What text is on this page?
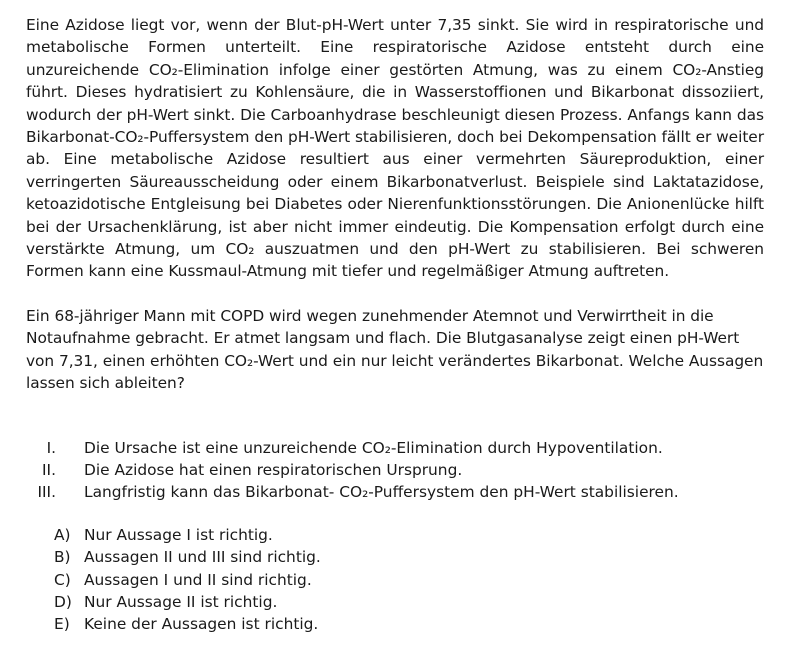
Eine Azidose liegt vor, wenn der Blut-pH-Wert unter 7,35 sinkt. Sie wird in respiratorische und metabolische Formen unterteilt. Eine respiratorische Azidose entsteht durch eine unzureichende CO₂-Elimination infolge einer gestörten Atmung, was zu einem CO₂-Anstieg führt. Dieses hydratisiert zu Kohlensäure, die in Wasserstoffionen und Bikarbonat dissoziiert, wodurch der pH-Wert sinkt. Die Carboanhydrase beschleunigt diesen Prozess. Anfangs kann das Bikarbonat-CO₂-Puffersystem den pH-Wert stabilisieren, doch bei Dekompensation fällt er weiter ab. Eine metabolische Azidose resultiert aus einer vermehrten Säureproduktion, einer verringerten Säureausscheidung oder einem Bikarbonatverlust. Beispiele sind Laktatazidose, ketoazidotische Entgleisung bei Diabetes oder Nierenfunktionsstörungen. Die Anionenlücke hilft bei der Ursachenklärung, ist aber nicht immer eindeutig. Die Kompensation erfolgt durch eine verstärkte Atmung, um CO₂ auszuatmen und den pH-Wert zu stabilisieren. Bei schweren Formen kann eine Kussmaul-Atmung mit tiefer und regelmäßiger Atmung auftreten.

Ein 68-jähriger Mann mit COPD wird wegen zunehmender Atemnot und Verwirrtheit in die Notaufnahme gebracht. Er atmet langsam und flach. Die Blutgasanalyse zeigt einen pH-Wert von 7,31, einen erhöhten CO₂-Wert und ein nur leicht verändertes Bikarbonat. Welche Aussagen lassen sich ableiten?

I. Die Ursache ist eine unzureichende CO₂-Elimination durch Hypoventilation.
II. Die Azidose hat einen respiratorischen Ursprung.
III. Langfristig kann das Bikarbonat- CO₂-Puffersystem den pH-Wert stabilisieren.
A) Nur Aussage I ist richtig.
B) Aussagen II und III sind richtig.
C) Aussagen I und II sind richtig.
D) Nur Aussage II ist richtig.
E) Keine der Aussagen ist richtig.
